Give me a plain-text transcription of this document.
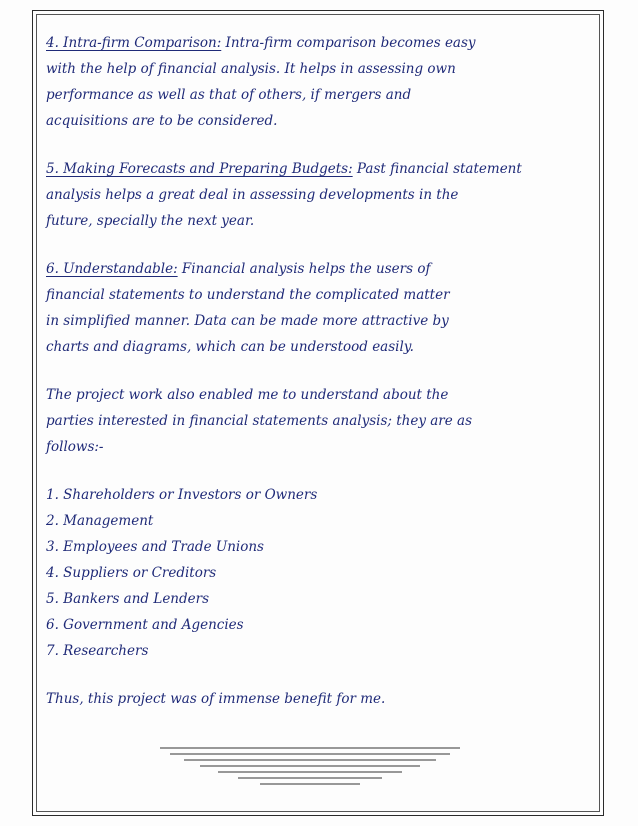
4. Intra-firm Comparison: Intra-firm comparison becomes easy
with the help of financial analysis. It helps in assessing own
performance as well as that of others, if mergers and
acquisitions are to be considered.
5. Making Forecasts and Preparing Budgets: Past financial statement
analysis helps a great deal in assessing developments in the
future, specially the next year.
6. Understandable: Financial analysis helps the users of
financial statements to understand the complicated matter
in simplified manner. Data can be made more attractive by
charts and diagrams, which can be understood easily.
The project work also enabled me to understand about the
parties interested in financial statements analysis; they are as
follows:-
1. Shareholders or Investors or Owners
2. Management
3. Employees and Trade Unions
4. Suppliers or Creditors
5. Bankers and Lenders
6. Government and Agencies
7. Researchers
Thus, this project was of immense benefit for me.
